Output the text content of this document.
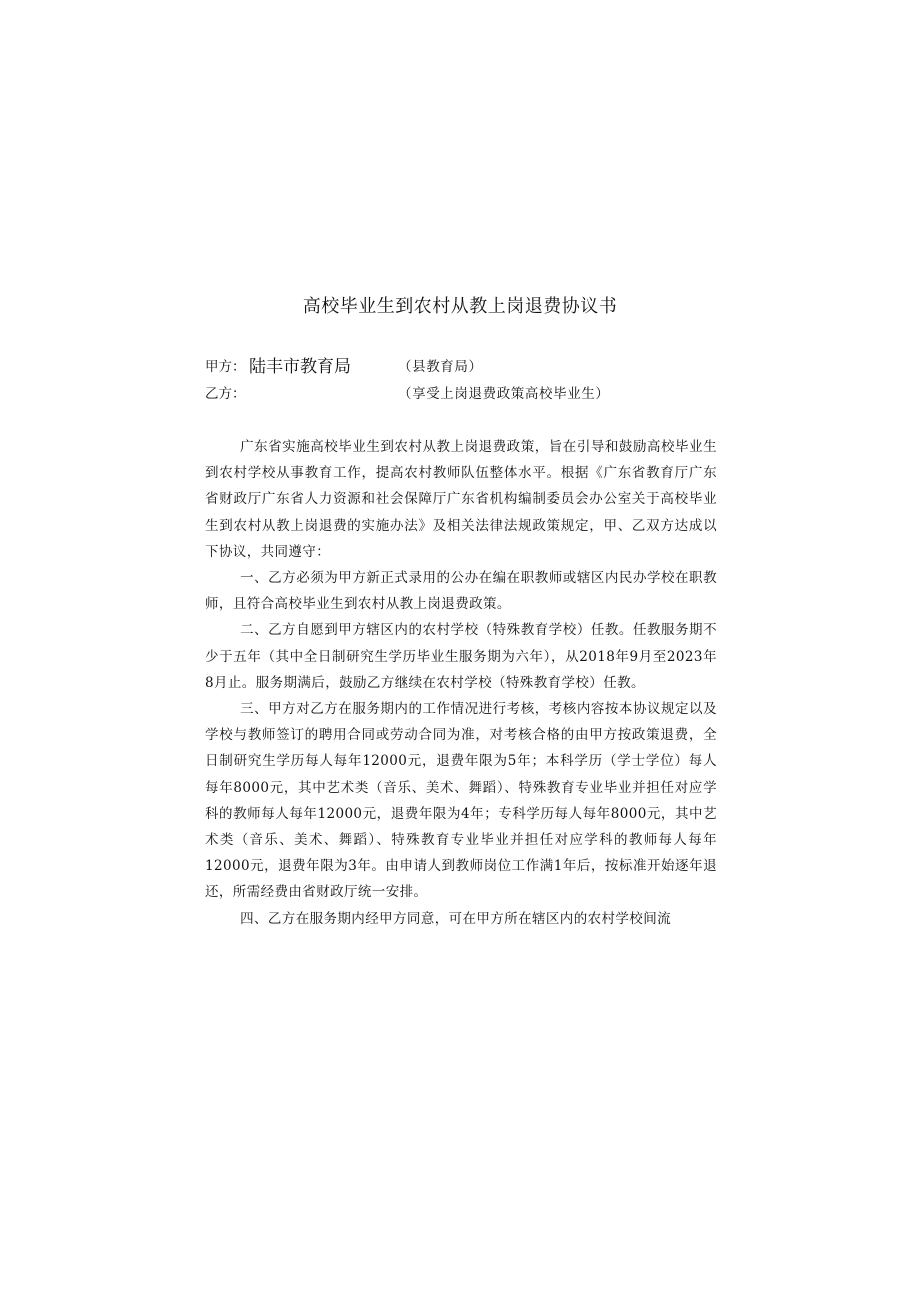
高校毕业生到农村从教上岗退费协议书
甲方： 陆丰市教育局	（县教育局）
乙方：	（享受上岗退费政策高校毕业生）

广东省实施高校毕业生到农村从教上岗退费政策，旨在引导和鼓励高校毕业生到农村学校从事教育工作，提高农村教师队伍整体水平。根据《广东省教育厅广东省财政厅广东省人力资源和社会保障厅广东省机构编制委员会办公室关于高校毕业生到农村从教上岗退费的实施办法》及相关法律法规政策规定，甲、乙双方达成以下协议，共同遵守：

一、乙方必须为甲方新正式录用的公办在编在职教师或辖区内民办学校在职教师，且符合高校毕业生到农村从教上岗退费政策。

二、乙方自愿到甲方辖区内的农村学校（特殊教育学校）任教。任教服务期不少于五年（其中全日制研究生学历毕业生服务期为六年），从2018年9月至2023年8月止。服务期满后，鼓励乙方继续在农村学校（特殊教育学校）任教。

三、甲方对乙方在服务期内的工作情况进行考核，考核内容按本协议规定以及学校与教师签订的聘用合同或劳动合同为准，对考核合格的由甲方按政策退费，全日制研究生学历每人每年12000元，退费年限为5年；本科学历（学士学位）每人每年8000元，其中艺术类（音乐、美术、舞蹈）、特殊教育专业毕业并担任对应学科的教师每人每年12000元，退费年限为4年；专科学历每人每年8000元，其中艺术类（音乐、美术、舞蹈）、特殊教育专业毕业并担任对应学科的教师每人每年12000元，退费年限为3年。由申请人到教师岗位工作满1年后，按标准开始逐年退还，所需经费由省财政厅统一安排。

四、乙方在服务期内经甲方同意，可在甲方所在辖区内的农村学校间流
